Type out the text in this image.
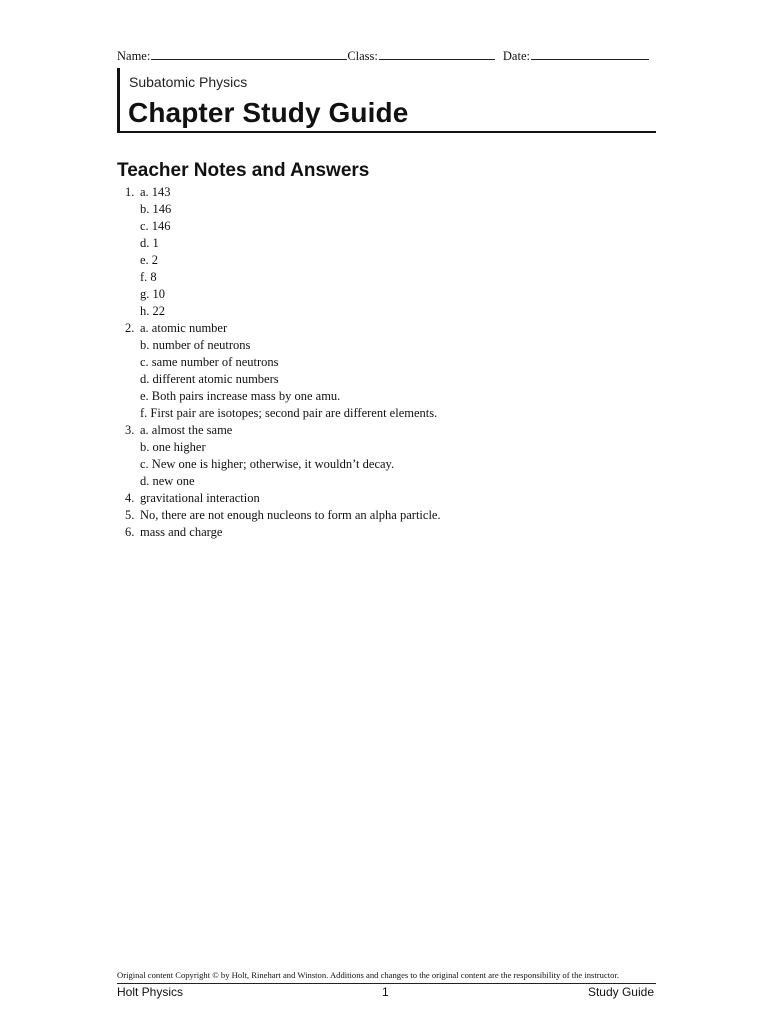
Name:	Class:	Date:
Subatomic Physics
Chapter Study Guide
Teacher Notes and Answers
1. a. 143
b. 146
c. 146
d. 1
e. 2
f. 8
g. 10
h. 22
2. a. atomic number
b. number of neutrons
c. same number of neutrons
d. different atomic numbers
e. Both pairs increase mass by one amu.
f. First pair are isotopes; second pair are different elements.
3. a. almost the same
b. one higher
c. New one is higher; otherwise, it wouldn’t decay.
d. new one
4. gravitational interaction
5. No, there are not enough nucleons to form an alpha particle.
6. mass and charge
Original content Copyright © by Holt, Rinehart and Winston. Additions and changes to the original content are the responsibility of the instructor.
Holt Physics	1	Study Guide
